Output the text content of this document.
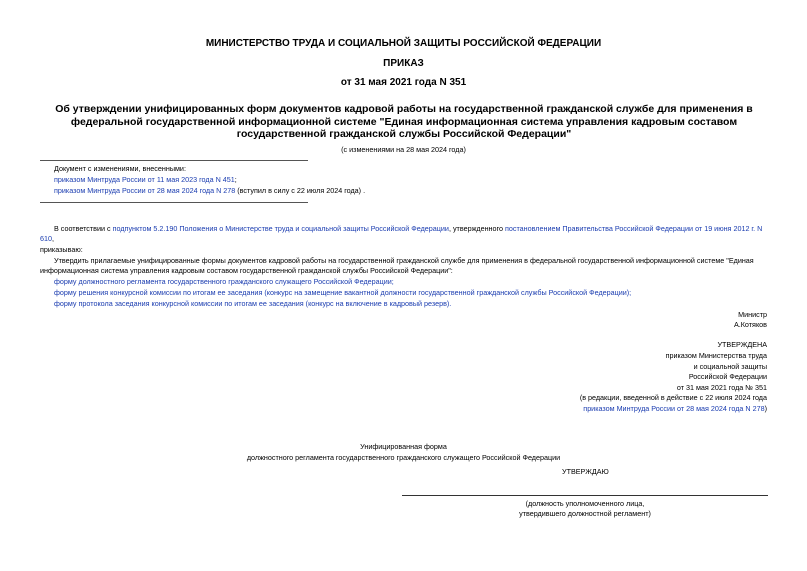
МИНИСТЕРСТВО ТРУДА И СОЦИАЛЬНОЙ ЗАЩИТЫ РОССИЙСКОЙ ФЕДЕРАЦИИ
ПРИКАЗ
от 31 мая 2021 года N 351
Об утверждении унифицированных форм документов кадровой работы на государственной гражданской службе для применения в федеральной государственной информационной системе "Единая информационная система управления кадровым составом государственной гражданской службы Российской Федерации"
(с изменениями на 28 мая 2024 года)
Документ с изменениями, внесенными:
приказом Минтруда России от 11 мая 2023 года N 451;
приказом Минтруда России от 28 мая 2024 года N 278 (вступил в силу с 22 июля 2024 года) .
В соответствии с подпунктом 5.2.190 Положения о Министерстве труда и социальной защиты Российской Федерации, утвержденного постановлением Правительства Российской Федерации от 19 июня 2012 г. N 610,
приказываю:
Утвердить прилагаемые унифицированные формы документов кадровой работы на государственной гражданской службе для применения в федеральной государственной информационной системе "Единая информационная система управления кадровым составом государственной гражданской службы Российской Федерации":
форму должностного регламента государственного гражданского служащего Российской Федерации;
форму решения конкурсной комиссии по итогам ее заседания (конкурс на замещение вакантной должности государственной гражданской службы Российской Федерации);
форму протокола заседания конкурсной комиссии по итогам ее заседания (конкурс на включение в кадровый резерв).
Министр
А.Котяков
УТВЕРЖДЕНА
приказом Министерства труда
и социальной защиты
Российской Федерации
от 31 мая 2021 года № 351
(в редакции, введенной в действие с 22 июля 2024 года
приказом Минтруда России от 28 мая 2024 года N 278)
Унифицированная форма
должностного регламента государственного гражданского служащего Российской Федерации
УТВЕРЖДАЮ
(должность уполномоченного лица,
утвердившего должностной регламент)
